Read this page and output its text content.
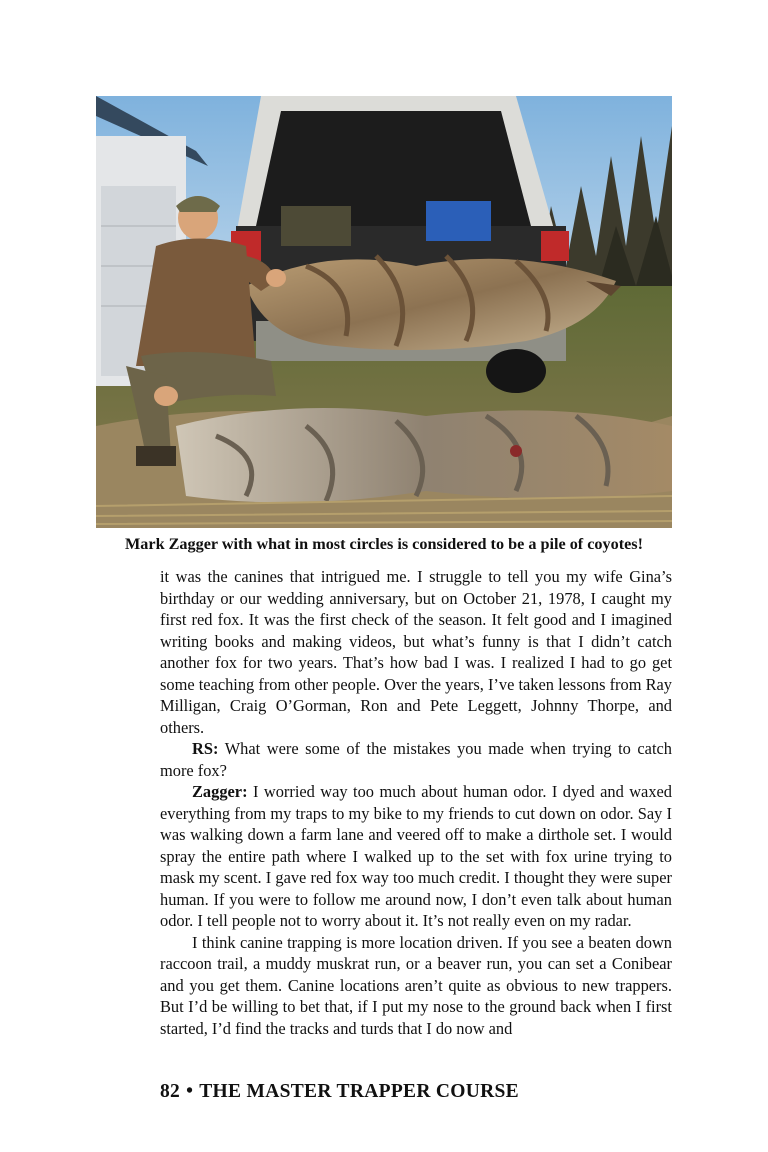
Mark Zagger with what in most circles is considered to be a pile of coyotes!

it was the canines that intrigued me. I struggle to tell you my wife Gina’s birthday or our wedding anniversary, but on October 21, 1978, I caught my first red fox. It was the first check of the season. It felt good and I imagined writing books and making videos, but what’s funny is that I didn’t catch another fox for two years. That’s how bad I was. I realized I had to go get some teaching from other people. Over the years, I’ve taken lessons from Ray Milligan, Craig O’Gorman, Ron and Pete Leggett, Johnny Thorpe, and others.

RS: What were some of the mistakes you made when trying to catch more fox?

Zagger: I worried way too much about human odor. I dyed and waxed everything from my traps to my bike to my friends to cut down on odor. Say I was walking down a farm lane and veered off to make a dirthole set. I would spray the entire path where I walked up to the set with fox urine trying to mask my scent. I gave red fox way too much credit. I thought they were super human. If you were to follow me around now, I don’t even talk about human odor. I tell people not to worry about it. It’s not really even on my radar.

I think canine trapping is more location driven. If you see a beaten down raccoon trail, a muddy muskrat run, or a beaver run, you can set a Conibear and you get them. Canine locations aren’t quite as obvious to new trappers. But I’d be willing to bet that, if I put my nose to the ground back when I first started, I’d find the tracks and turds that I do now and

82 • THE MASTER TRAPPER COURSE
